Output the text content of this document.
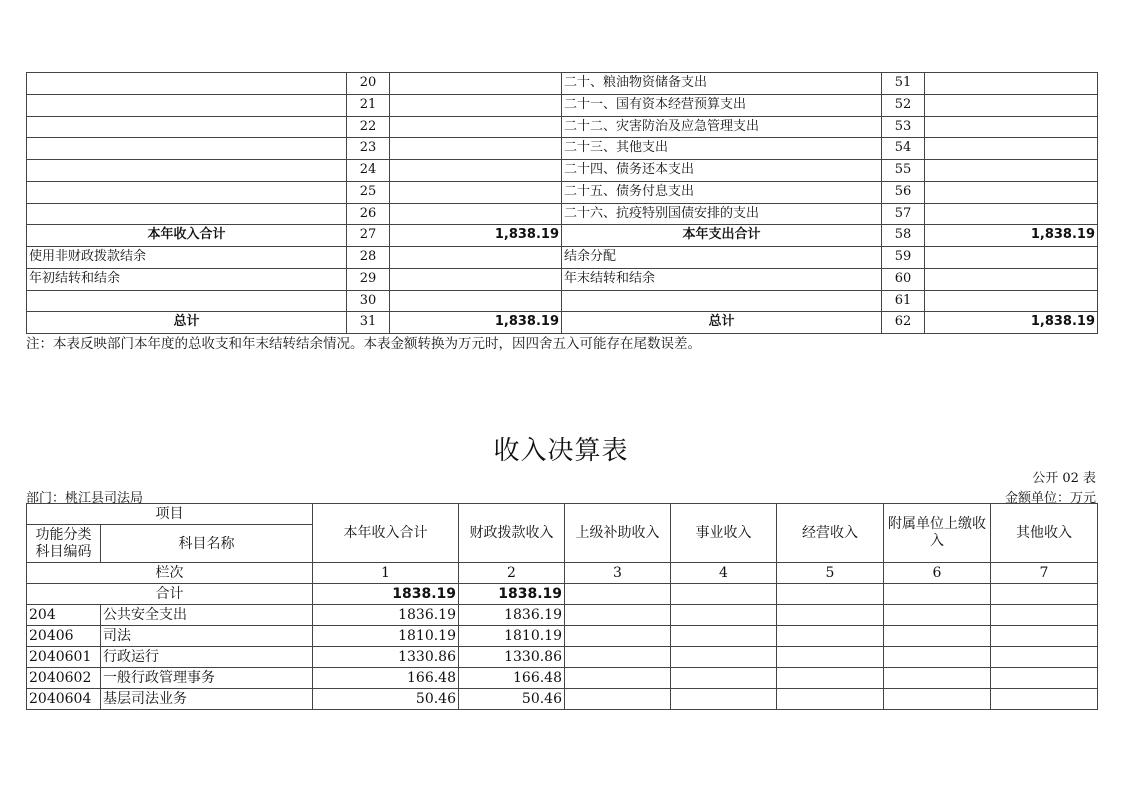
	20		二十、粮油物资储备支出	51	
	21		二十一、国有资本经营预算支出	52	
	22		二十二、灾害防治及应急管理支出	53	
	23		二十三、其他支出	54	
	24		二十四、债务还本支出	55	
	25		二十五、债务付息支出	56	
	26		二十六、抗疫特别国债安排的支出	57	
本年收入合计	27	1,838.19	本年支出合计	58	1,838.19
使用非财政拨款结余	28		结余分配	59	
年初结转和结余	29		年末结转和结余	60	
	30			61	
总计	31	1,838.19	总计	62	1,838.19
注：本表反映部门本年度的总收支和年末结转结余情况。本表金额转换为万元时，因四舍五入可能存在尾数误差。
收入决算表
公开 02 表
部门：桃江县司法局	金额单位：万元
项目		本年收入合计	财政拨款收入	上级补助收入	事业收入	经营收入	附属单位上缴收入	其他收入
功能分类
科目编码	科目名称							
栏次		1	2	3	4	5	6	7
合计		1838.19	1838.19					
204	公共安全支出	1836.19	1836.19					
20406	司法	1810.19	1810.19					
2040601	行政运行	1330.86	1330.86					
2040602	一般行政管理事务	166.48	166.48					
2040604	基层司法业务	50.46	50.46					
